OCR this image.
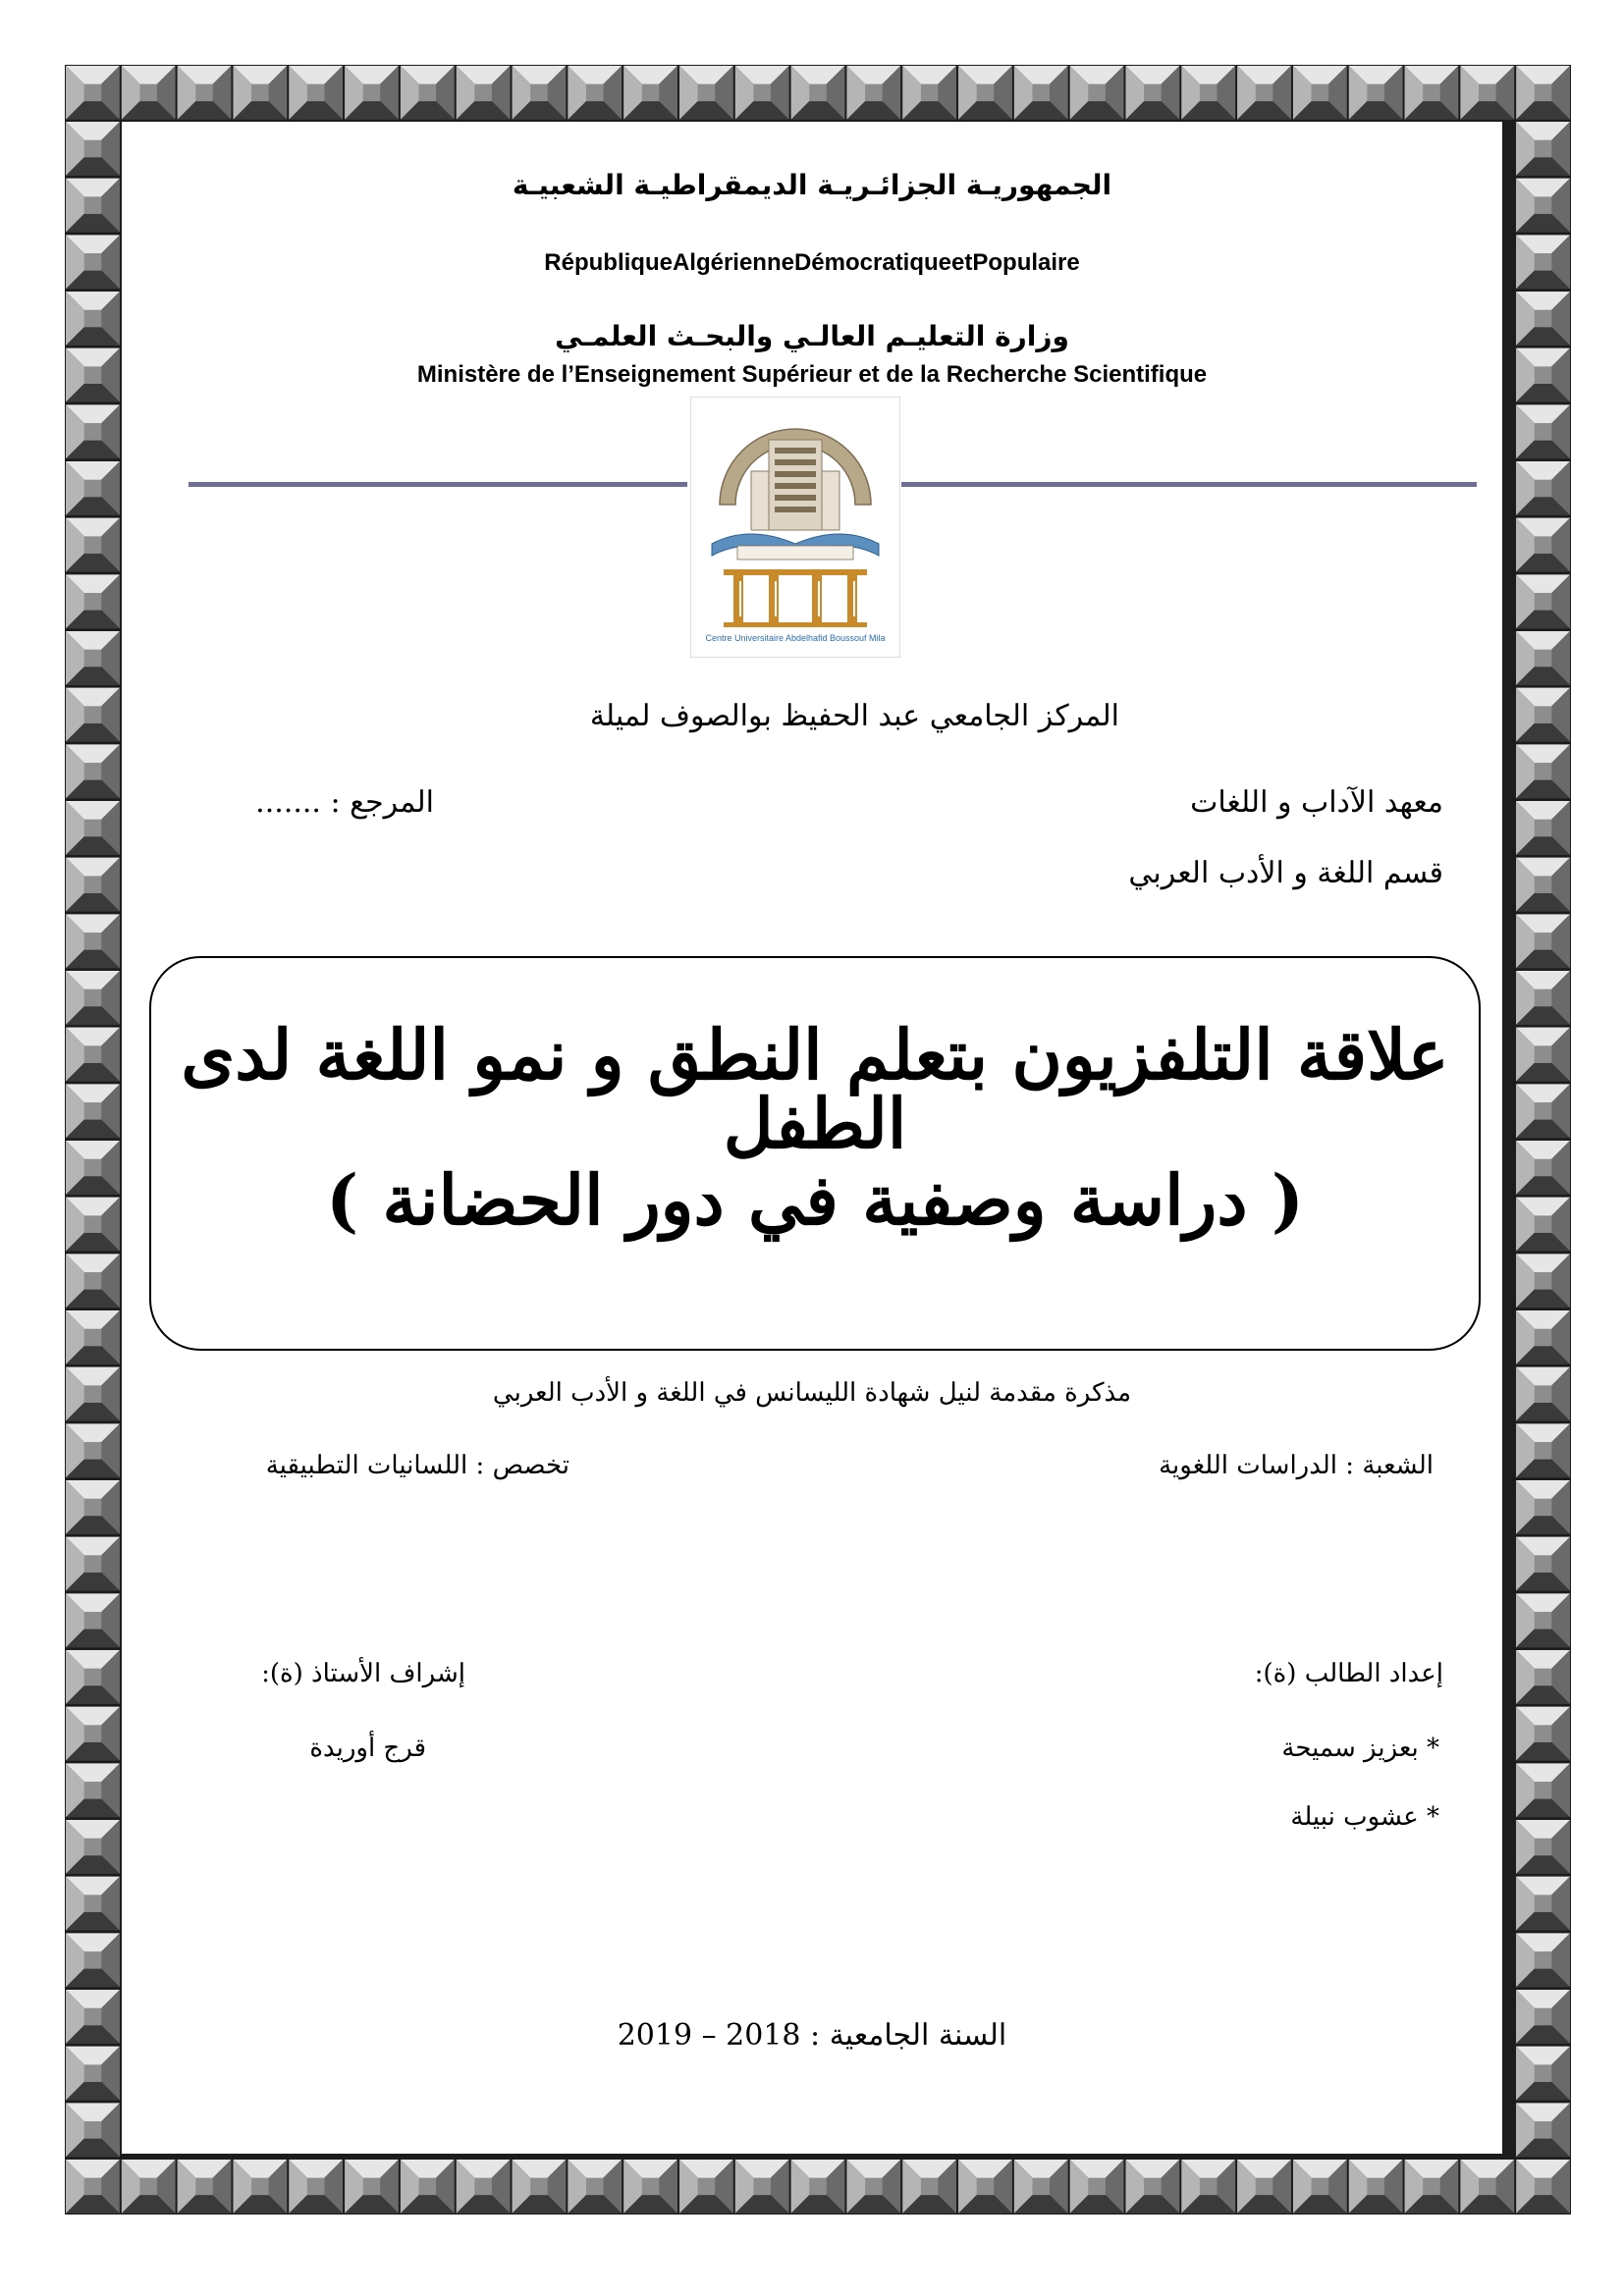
الجمهوريـة الجزائـريـة الديمقراطيـة الشعبيـة
RépubliqueAlgérienneDémocratiqueetPopulaire
وزارة التعليـم العالـي والبحـث العلمـي
Ministère de l’Enseignement Supérieur et de la Recherche Scientifique
Centre Universitaire Abdelhafid Boussouf Mila
المركز الجامعي عبد الحفيظ بوالصوف لميلة
معهد الآداب و اللغات
المرجع : .......
قسم اللغة و الأدب العربي
علاقة التلفزيون بتعلم النطق و نمو اللغة لدى الطفل
( دراسة وصفية في دور الحضانة )
مذكرة مقدمة لنيل شهادة الليسانس في اللغة و الأدب العربي
الشعبة : الدراسات اللغوية
تخصص : اللسانيات التطبيقية
إعداد الطالب (ة):
إشراف الأستاذ (ة):
* بعزيز سميحة
قرج أوريدة
* عشوب نبيلة
السنة الجامعية : 2018 – 2019
